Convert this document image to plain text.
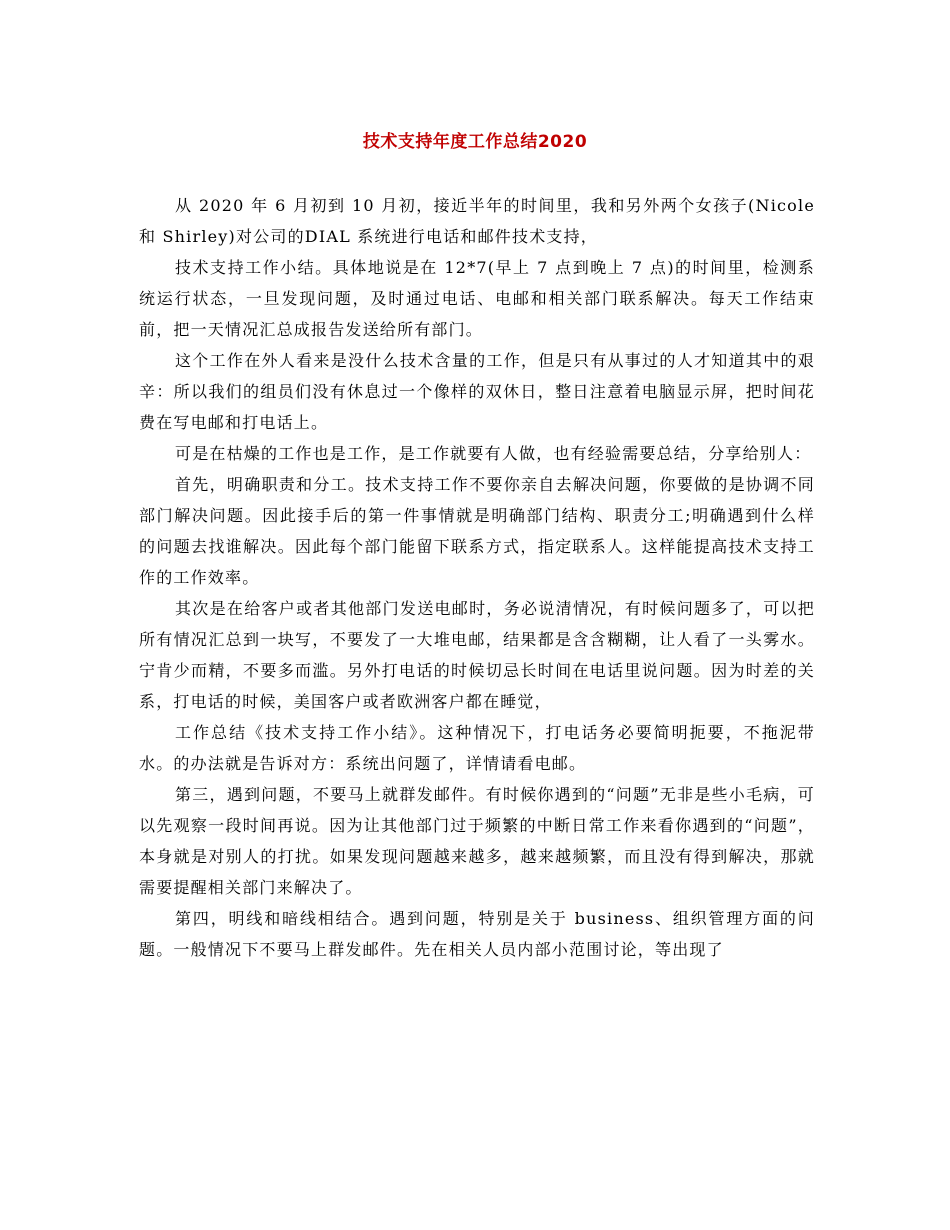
技术支持年度工作总结2020

从 2020 年 6 月初到 10 月初，接近半年的时间里，我和另外两个女孩子(Nicole 和 Shirley)对公司的DIAL 系统进行电话和邮件技术支持，

技术支持工作小结。具体地说是在 12*7(早上 7 点到晚上 7 点)的时间里，检测系统运行状态，一旦发现问题，及时通过电话、电邮和相关部门联系解决。每天工作结束前，把一天情况汇总成报告发送给所有部门。

这个工作在外人看来是没什么技术含量的工作，但是只有从事过的人才知道其中的艰辛：所以我们的组员们没有休息过一个像样的双休日，整日注意着电脑显示屏，把时间花费在写电邮和打电话上。

可是在枯燥的工作也是工作，是工作就要有人做，也有经验需要总结，分享给别人：

首先，明确职责和分工。技术支持工作不要你亲自去解决问题，你要做的是协调不同部门解决问题。因此接手后的第一件事情就是明确部门结构、职责分工;明确遇到什么样的问题去找谁解决。因此每个部门能留下联系方式，指定联系人。这样能提高技术支持工作的工作效率。

其次是在给客户或者其他部门发送电邮时，务必说清情况，有时候问题多了，可以把所有情况汇总到一块写，不要发了一大堆电邮，结果都是含含糊糊，让人看了一头雾水。宁肯少而精，不要多而滥。另外打电话的时候切忌长时间在电话里说问题。因为时差的关系，打电话的时候，美国客户或者欧洲客户都在睡觉，

工作总结《技术支持工作小结》。这种情况下，打电话务必要简明扼要，不拖泥带水。的办法就是告诉对方：系统出问题了，详情请看电邮。

第三，遇到问题，不要马上就群发邮件。有时候你遇到的“问题”无非是些小毛病，可以先观察一段时间再说。因为让其他部门过于频繁的中断日常工作来看你遇到的“问题”，本身就是对别人的打扰。如果发现问题越来越多，越来越频繁，而且没有得到解决，那就需要提醒相关部门来解决了。

第四，明线和暗线相结合。遇到问题，特别是关于 business、组织管理方面的问题。一般情况下不要马上群发邮件。先在相关人员内部小范围讨论，等出现了
